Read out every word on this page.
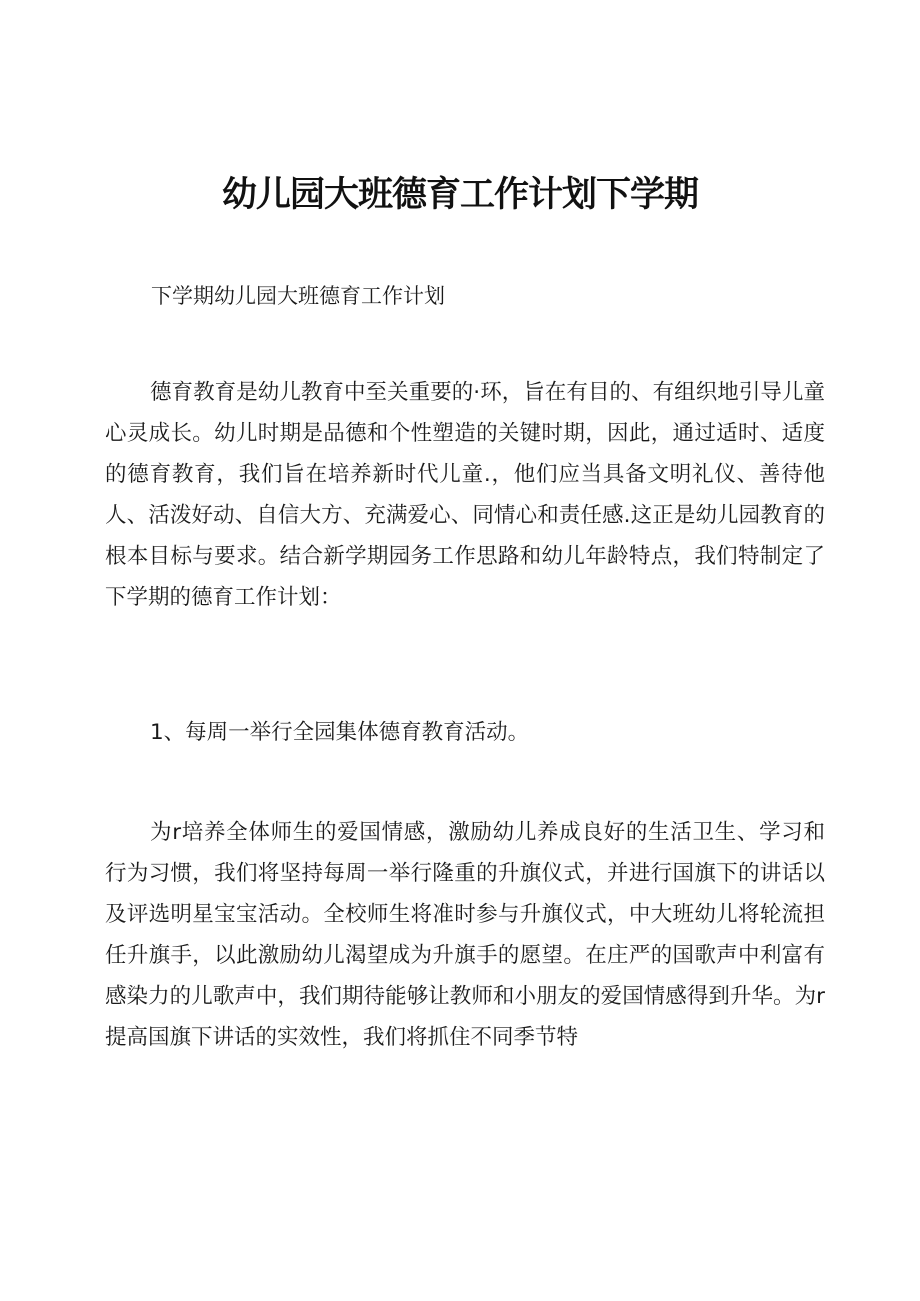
幼儿园大班德育工作计划下学期
下学期幼儿园大班德育工作计划

德育教育是幼儿教育中至关重要的·环，旨在有目的、有组织地引导儿童心灵成长。幼儿时期是品德和个性塑造的关键时期，因此，通过适时、适度的德育教育，我们旨在培养新时代儿童.，他们应当具备文明礼仪、善待他人、活泼好动、自信大方、充满爱心、同情心和责任感.这正是幼儿园教育的根本目标与要求。结合新学期园务工作思路和幼儿年龄特点，我们特制定了下学期的德育工作计划：

1、每周一举行全园集体德育教育活动。

为r培养全体师生的爱国情感，激励幼儿养成良好的生活卫生、学习和行为习惯，我们将坚持每周一举行隆重的升旗仪式，并进行国旗下的讲话以及评选明星宝宝活动。全校师生将准时参与升旗仪式，中大班幼儿将轮流担任升旗手，以此激励幼儿渴望成为升旗手的愿望。在庄严的国歌声中利富有感染力的儿歌声中，我们期待能够让教师和小朋友的爱国情感得到升华。为r提高国旗下讲话的实效性，我们将抓住不同季节特
